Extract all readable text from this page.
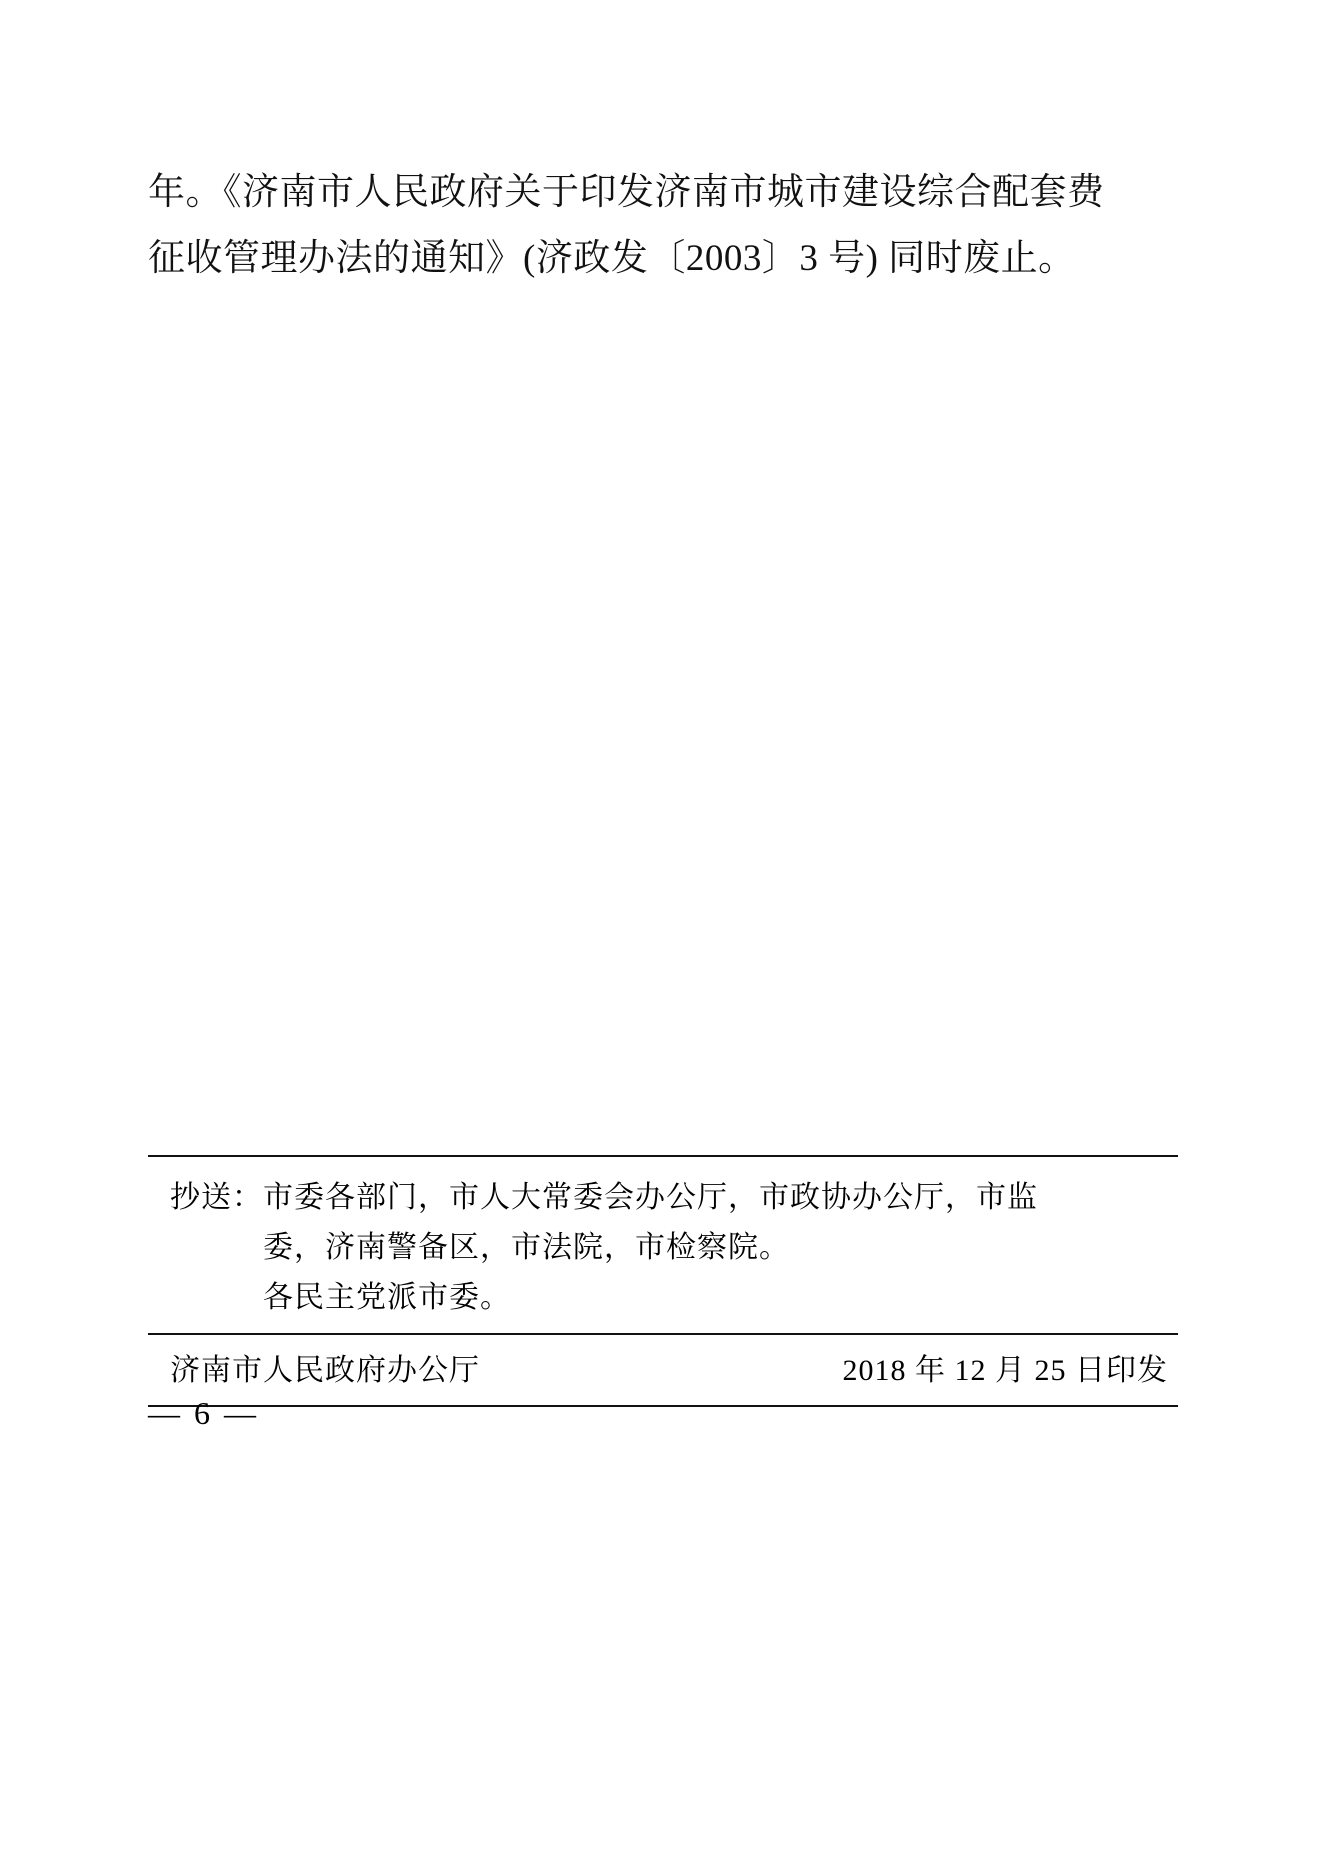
年。《济南市人民政府关于印发济南市城市建设综合配套费
征收管理办法的通知》(济政发〔2003〕3 号) 同时废止。
抄送： 市委各部门，市人大常委会办公厅，市政协办公厅，市监
委，济南警备区，市法院，市检察院。
各民主党派市委。
济南市人民政府办公厅	2018 年 12 月 25 日印发
— 6 —
